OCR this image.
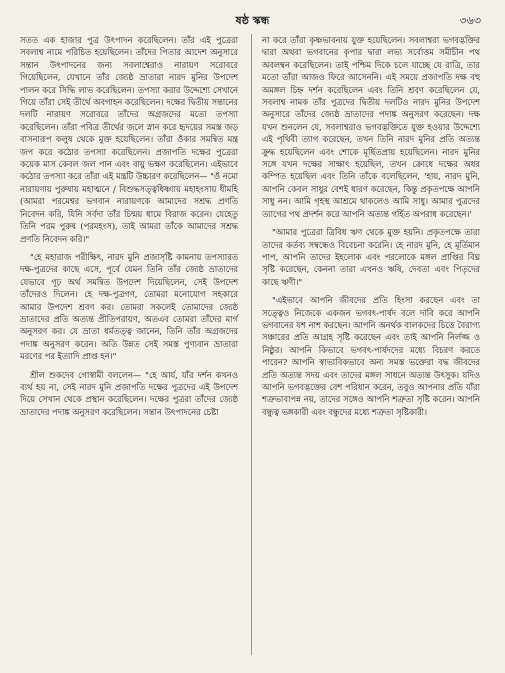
ষষ্ঠ স্কন্ধ	৩৬৩

সতত এক হাজার পুত্র উৎপাদন করেছিলেন। তাঁর এই পুত্রেরা সবলাশ্ব নামে পরিচিত হয়েছিলেন। তাঁদের পিতার আদেশ অনুসারে সন্তান উৎপাদনের জন্য সবলাশ্বেরাও নারায়ণ সরোবরে গিয়েছিলেন, যেখানে তাঁর জ্যেষ্ঠ ভ্রাতারা নারদ মুনির উপদেশ পালন করে সিদ্ধি লাভ করেছিলেন। তপস্যা করার উদ্দেশ্যে সেখানে গিয়ে তাঁরা সেই তীর্থে অবগাহন করেছিলেন। দক্ষের দ্বিতীয় সন্তানের দলটি নারায়ণ সরোবরে তাঁদের অগ্রজদের মতো তপস্যা করেছিলেন। তাঁরা পবিত্র তীর্থের জলে স্নান করে হৃদয়ের সমস্ত জড় বাসনারূপ কলুষ থেকে মুক্ত হয়েছিলেন। তাঁরা ওঁকার সমন্বিত মন্ত্র জপ করে কঠোর তপস্যা করেছিলেন। প্রজাপতি দক্ষের পুত্রেরা কয়েক মাস কেবল জল পান এবং বায়ু ভক্ষণ করেছিলেন। এইভাবে কঠোর তপস্যা করে তাঁরা এই মন্ত্রটি উচ্চারণ করেছিলেন— "ওঁ নমো নারায়ণায় পুরুষায় মহাত্মনে / বিশুদ্ধসত্ত্বধিষ্ণ্যায় মহাহংসায় ধীমহি (আমরা পরমেশ্বর ভগবান নারায়ণকে আমাদের সশ্রদ্ধ প্রণতি নিবেদন করি, যিনি সর্বদা তাঁর চিন্ময় ধামে বিরাজ করেন। যেহেতু তিনি পরম পুরুষ (পরমহংস), তাই আমরা তাঁকে আমাদের সশ্রদ্ধ প্রণতি নিবেদন করি।"

"হে মহারাজ পরীক্ষিৎ, নারদ মুনি প্রজাসৃষ্টি কামনায় তপস্যারত দক্ষ-পুত্রদের কাছে এসে, পূর্বে যেমন তিনি তাঁর জ্যেষ্ঠ ভ্রাতাদের যেভাবে গূঢ় অর্থ সমন্বিত উপদেশ দিয়েছিলেন, সেই উপদেশ তাঁদেরও দিলেন। হে দক্ষ-পুত্রগণ, তোমরা মনোযোগ সহকারে আমার উপদেশ শ্রবণ কর। তোমরা সকলেই তোমাদের জ্যেষ্ঠ ভ্রাতাদের প্রতি অত্যন্ত প্রীতিপরায়ণ, অতএব তোমরা তাঁদের মার্গ অনুসরণ কর। যে ভ্রাতা ধর্মতত্ত্ব জানেন, তিনি তাঁর অগ্রজদের পদাঙ্ক অনুসরণ করেন। অতি উন্নত সেই সমস্ত পুণ্যবান ভ্রাতারা মরণের পর ইত্যাদি প্রাপ্ত হন।"

শ্রীল শুকদেব গোস্বামী বললেন— "হে আর্য, যাঁর দর্শন কখনও ব্যর্থ হয় না, সেই নারদ মুনি প্রজাপতি দক্ষের পুত্রদের এই উপদেশ দিয়ে সেখান থেকে প্রস্থান করেছিলেন। দক্ষের পুত্ররা তাঁদের জ্যেষ্ঠ ভ্রাতাদের পদাঙ্ক অনুসরণ করেছিলেন। সন্তান উৎপাদনের চেষ্টা

না করে তাঁরা কৃষ্ণভাবনায় যুক্ত হয়েছিলেন। সবলাশ্বরা ভগবদ্ভক্তির দ্বারা অথবা ভগবানের কৃপার দ্বারা লভ্য সর্বোত্তম সমীচীন পথ অবলম্বন করেছিলেন। তাই পশ্চিম দিকে চলে যাচ্ছে যে রাত্রি, তার মতো তাঁরা আজও ফিরে আসেননি। এই সময়ে প্রজাপতি দক্ষ বহু অমঙ্গল চিহ্ন দর্শন করেছিলেন এবং তিনি শ্রবণ করেছিলেন যে, সবলাশ্ব নামক তাঁর পুত্রদের দ্বিতীয় দলটিও নারদ মুনির উপদেশ অনুসারে তাঁদের জ্যেষ্ঠ ভ্রাতাদের পদাঙ্ক অনুসরণ করেছেন। দক্ষ যখন শুনলেন যে, সবলাশ্বরাও ভগবদ্ভক্তিতে যুক্ত হওয়ার উদ্দেশ্যে এই পৃথিবী ত্যাগ করেছেন, তখন তিনি নারদ মুনির প্রতি অত্যন্ত ক্রুদ্ধ হয়েছিলেন এবং শোকে মূর্ছিতপ্রায় হয়েছিলেন। নারদ মুনির সঙ্গে যখন দক্ষের সাক্ষাৎ হয়েছিল, তখন ক্রোধে দক্ষের অধর কম্পিত হয়েছিল এবং তিনি তাঁকে বলেছিলেন, 'হায়, নারদ মুনি, আপনি কেবল সাধুর বেশই ধারণ করেছেন, কিন্তু প্রকৃতপক্ষে আপনি সাধু নন। আমি গৃহস্থ আশ্রমে থাকলেও আমি সাধু। আমার পুত্রদের ত্যাগের পথ প্রদর্শন করে আপনি অত্যন্ত গর্হিত অপরাধ করেছেন।'

"আমার পুত্রেরা ত্রিবিধ ঋণ থেকে মুক্ত হয়নি। প্রকৃতপক্ষে তারা তাদের কর্তব্য সম্বন্ধেও বিবেচনা করেনি। হে নারদ মুনি, হে মূর্তিমান পাপ, আপনি তাদের ইহলোক এবং পরলোকে মঙ্গল প্রাপ্তির বিঘ্ন সৃষ্টি করেছেন, কেননা তারা এখনও ঋষি, দেবতা এবং পিতৃদের কাছে ঋণী।"

"এইভাবে আপনি জীবদের প্রতি হিংসা করছেন এবং তা সত্ত্বেও নিজেকে একজন ভগবৎ-পার্ষদ বলে দাবি করে আপনি ভগবানের যশ নাশ করছেন। আপনি অনর্থক বালকদের চিত্তে বৈরাগ্য সঞ্চারের প্রতি আগ্রহ সৃষ্টি করেছেন এবং তাই আপনি নির্লজ্জ ও নিষ্ঠুর। আপনি কিভাবে ভগবৎ-পার্ষদদের মধ্যে বিচরণ করতে পারেন? আপনি স্বাভাবিকভাবে অন্য সমস্ত ভক্তেরা বদ্ধ জীবদের প্রতি অত্যন্ত সদয় এবং তাদের মঙ্গল সাধনে অত্যন্ত উৎসুক। যদিও আপনি ভগবদ্ভক্তের বেশ পরিধান করেন, তবুও আপনার প্রতি যাঁরা শত্রুভাবাপন্ন নয়, তাদের সঙ্গেও আপনি শত্রুতা সৃষ্টি করেন। আপনি বন্ধুত্ব ভঙ্গকারী এবং বন্ধুদের মধ্যে শত্রুতা সৃষ্টিকারী।
